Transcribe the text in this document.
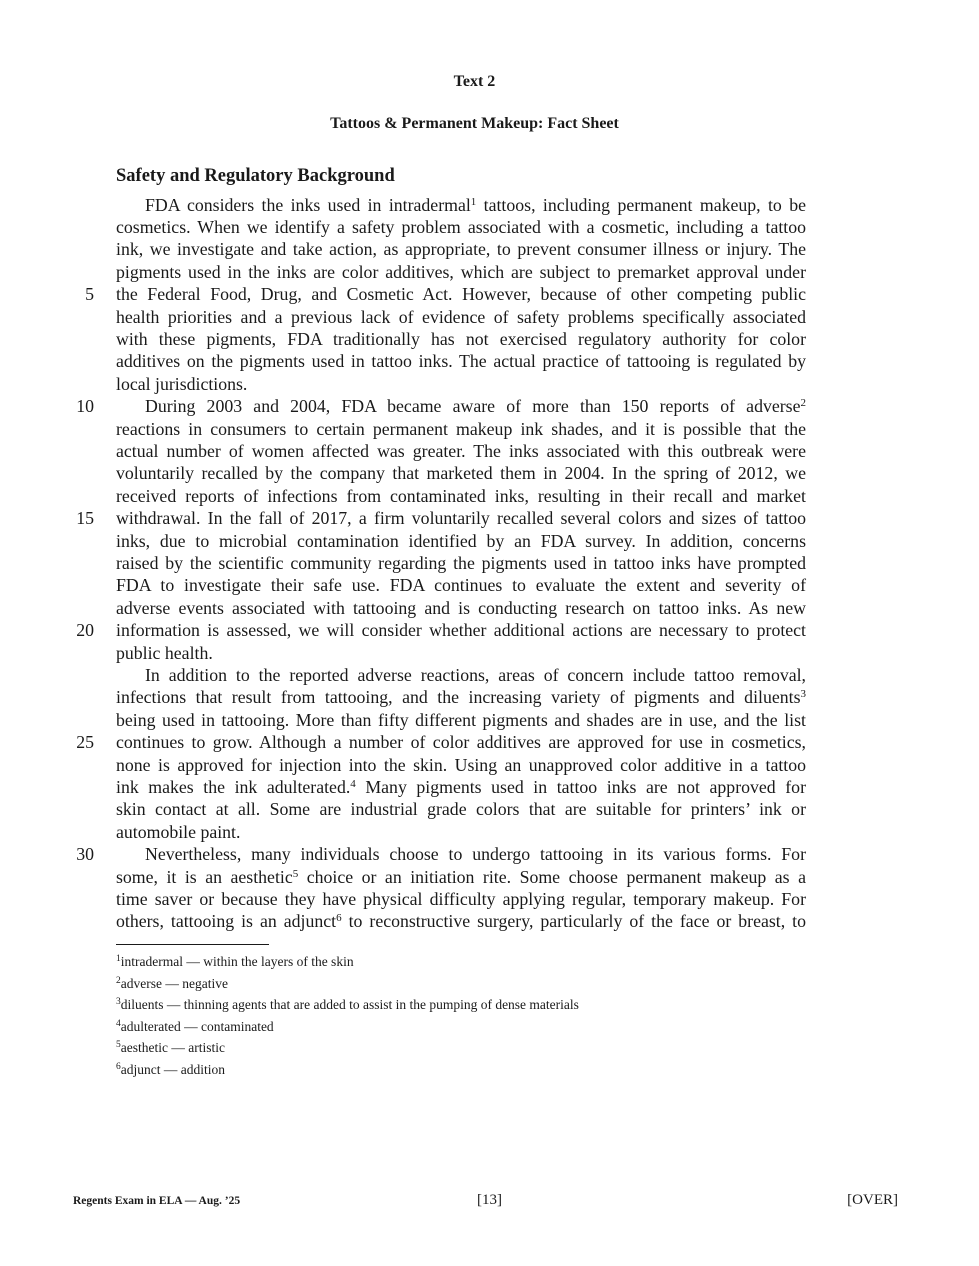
Text 2
Tattoos & Permanent Makeup: Fact Sheet
Safety and Regulatory Background
FDA considers the inks used in intradermal$^1$ tattoos, including permanent makeup, to be
cosmetics. When we identify a safety problem associated with a cosmetic, including a tattoo
ink, we investigate and take action, as appropriate, to prevent consumer illness or injury. The
pigments used in the inks are color additives, which are subject to premarket approval under
the Federal Food, Drug, and Cosmetic Act. However, because of other competing public
health priorities and a previous lack of evidence of safety problems specifically associated
with these pigments, FDA traditionally has not exercised regulatory authority for color
additives on the pigments used in tattoo inks. The actual practice of tattooing is regulated by
local jurisdictions.
During 2003 and 2004, FDA became aware of more than 150 reports of adverse$^2$
reactions in consumers to certain permanent makeup ink shades, and it is possible that the
actual number of women affected was greater. The inks associated with this outbreak were
voluntarily recalled by the company that marketed them in 2004. In the spring of 2012, we
received reports of infections from contaminated inks, resulting in their recall and market
withdrawal. In the fall of 2017, a firm voluntarily recalled several colors and sizes of tattoo
inks, due to microbial contamination identified by an FDA survey. In addition, concerns
raised by the scientific community regarding the pigments used in tattoo inks have prompted
FDA to investigate their safe use. FDA continues to evaluate the extent and severity of
adverse events associated with tattooing and is conducting research on tattoo inks. As new
information is assessed, we will consider whether additional actions are necessary to protect
public health.
In addition to the reported adverse reactions, areas of concern include tattoo removal,
infections that result from tattooing, and the increasing variety of pigments and diluents$^3$
being used in tattooing. More than fifty different pigments and shades are in use, and the list
continues to grow. Although a number of color additives are approved for use in cosmetics,
none is approved for injection into the skin. Using an unapproved color additive in a tattoo
ink makes the ink adulterated.$^4$ Many pigments used in tattoo inks are not approved for
skin contact at all. Some are industrial grade colors that are suitable for printers’ ink or
automobile paint.
Nevertheless, many individuals choose to undergo tattooing in its various forms. For
some, it is an aesthetic$^5$ choice or an initiation rite. Some choose permanent makeup as a
time saver or because they have physical difficulty applying regular, temporary makeup. For
others, tattooing is an adjunct$^6$ to reconstructive surgery, particularly of the face or breast, to
5
10
15
20
25
30
$^1$intradermal — within the layers of the skin
$^2$adverse — negative
$^3$diluents — thinning agents that are added to assist in the pumping of dense materials
$^4$adulterated — contaminated
$^5$aesthetic — artistic
$^6$adjunct — addition
Regents Exam in ELA — Aug. ’25	[13]	[OVER]
